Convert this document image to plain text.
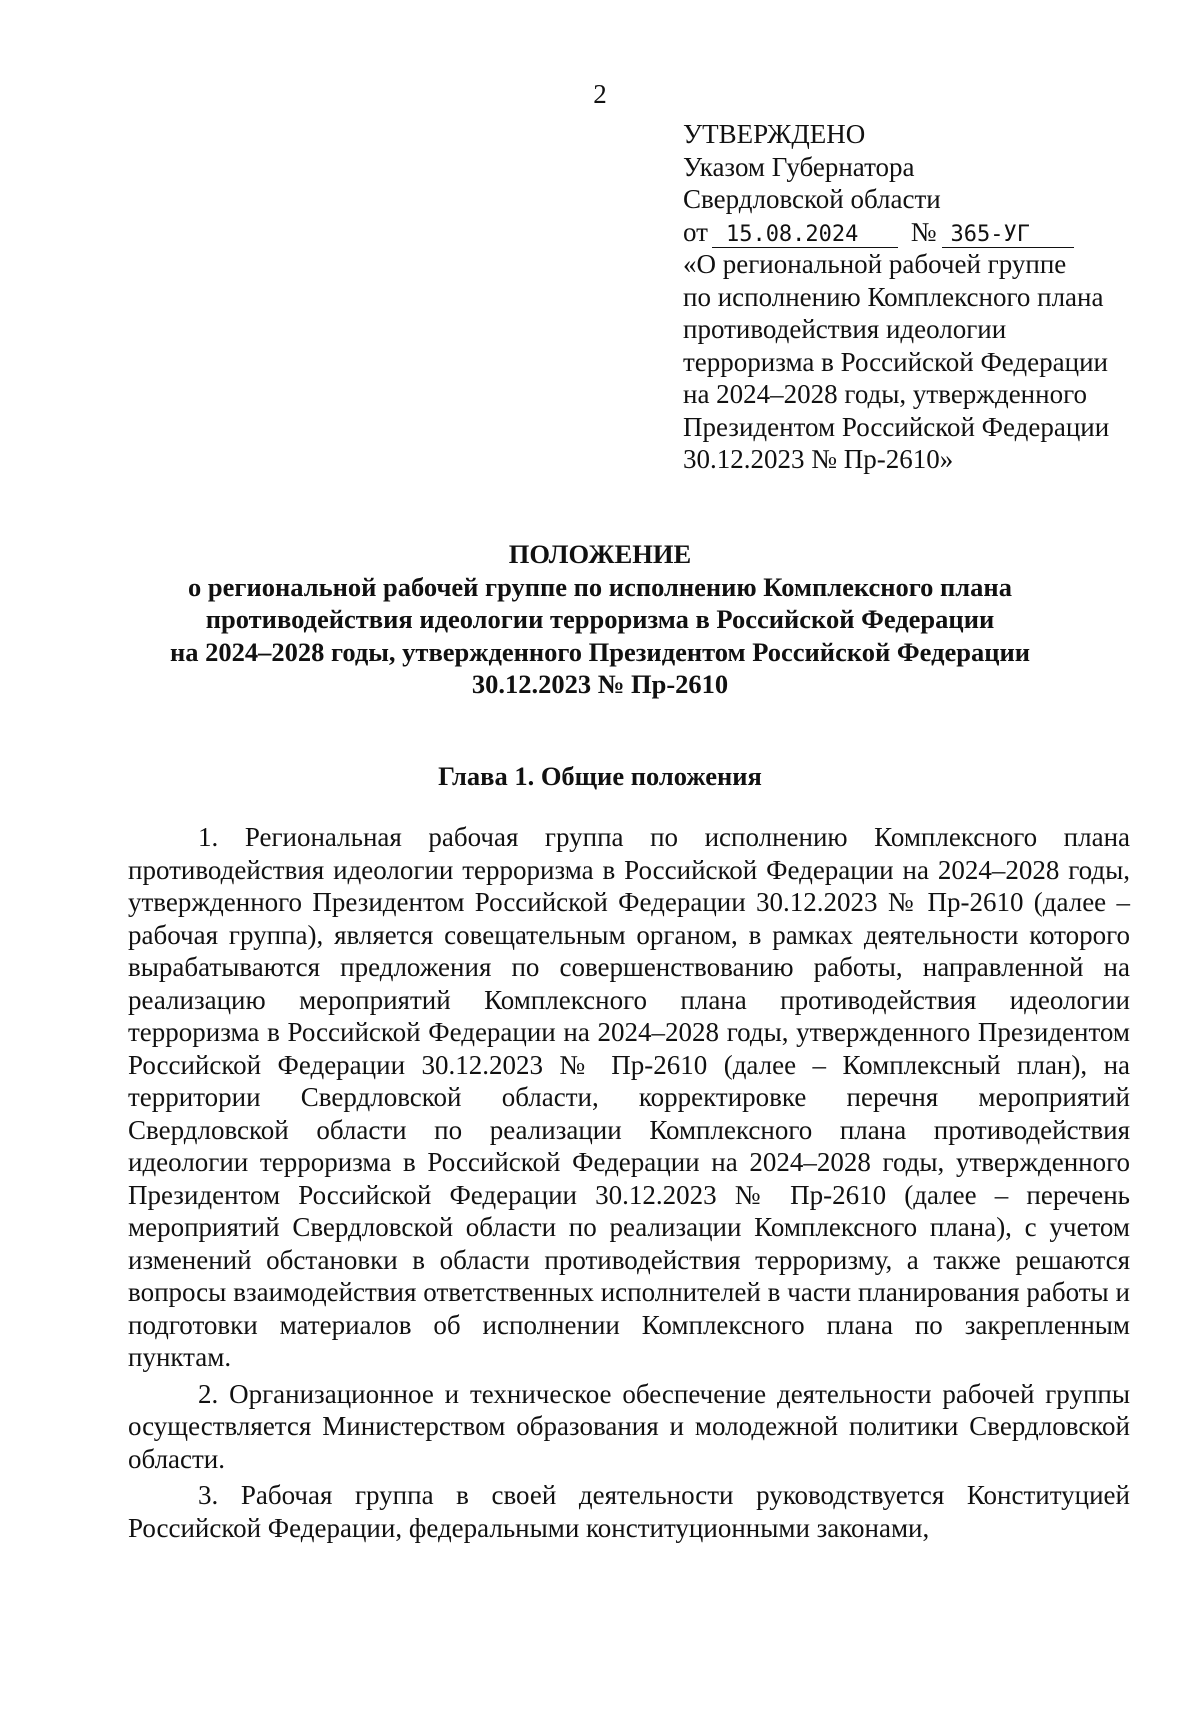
2
УТВЕРЖДЕНО
Указом Губернатора
Свердловской области
от 15.08.2024 № 365-УГ
«О региональной рабочей группе
по исполнению Комплексного плана
противодействия идеологии
терроризма в Российской Федерации
на 2024–2028 годы, утвержденного
Президентом Российской Федерации
30.12.2023 № Пр-2610»
ПОЛОЖЕНИЕ
о региональной рабочей группе по исполнению Комплексного плана
противодействия идеологии терроризма в Российской Федерации
на 2024–2028 годы, утвержденного Президентом Российской Федерации
30.12.2023 № Пр-2610
Глава 1. Общие положения

1. Региональная рабочая группа по исполнению Комплексного плана противодействия идеологии терроризма в Российской Федерации на 2024–2028 годы, утвержденного Президентом Российской Федерации 30.12.2023 № Пр-2610 (далее – рабочая группа), является совещательным органом, в рамках деятельности которого вырабатываются предложения по совершенствованию работы, направленной на реализацию мероприятий Комплексного плана противодействия идеологии терроризма в Российской Федерации на 2024–2028 годы, утвержденного Президентом Российской Федерации 30.12.2023 № Пр-2610 (далее – Комплексный план), на территории Свердловской области, корректировке перечня мероприятий Свердловской области по реализации Комплексного плана противодействия идеологии терроризма в Российской Федерации на 2024–2028 годы, утвержденного Президентом Российской Федерации 30.12.2023 № Пр-2610 (далее – перечень мероприятий Свердловской области по реализации Комплексного плана), с учетом изменений обстановки в области противодействия терроризму, а также решаются вопросы взаимодействия ответственных исполнителей в части планирования работы и подготовки материалов об исполнении Комплексного плана по закрепленным пунктам.

2. Организационное и техническое обеспечение деятельности рабочей группы осуществляется Министерством образования и молодежной политики Свердловской области.

3. Рабочая группа в своей деятельности руководствуется Конституцией Российской Федерации, федеральными конституционными законами,
